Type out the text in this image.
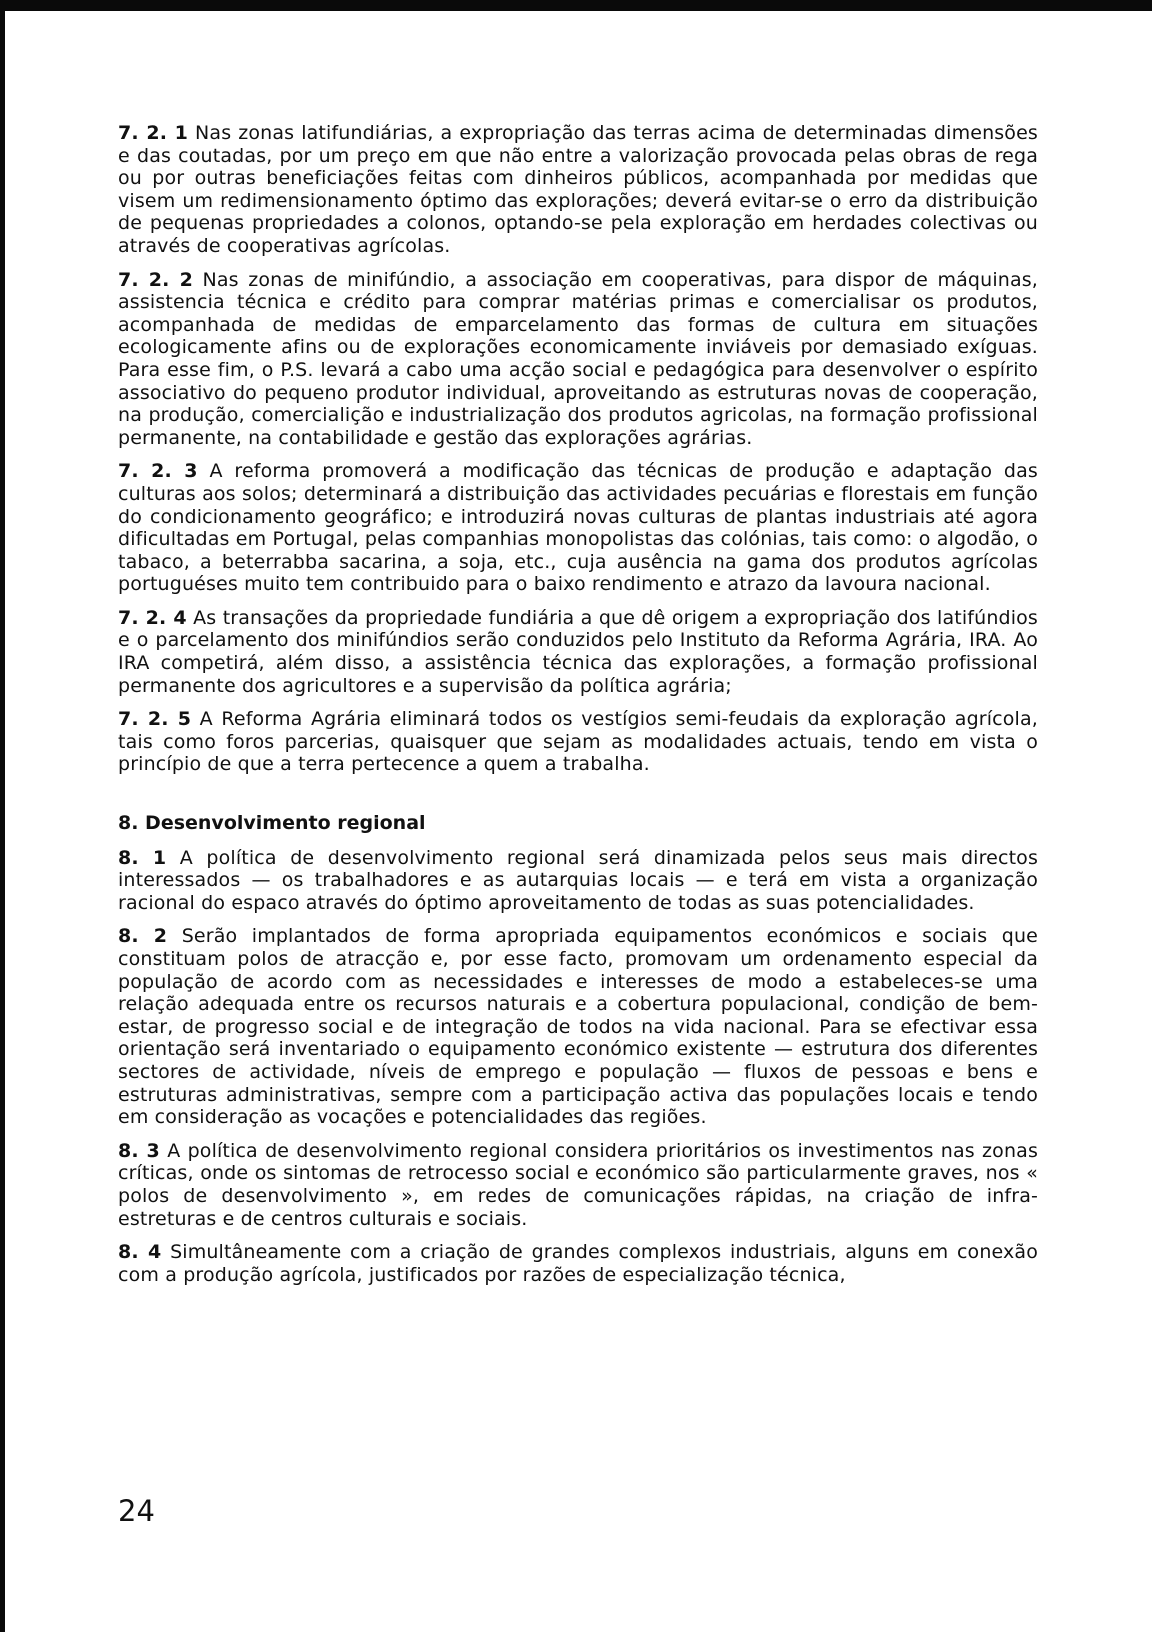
7. 2. 1 Nas zonas latifundiárias, a expropriação das terras acima de determinadas dimensões e das coutadas, por um preço em que não entre a valorização provocada pelas obras de rega ou por outras beneficiações feitas com dinheiros públicos, acompanhada por medidas que visem um redimensionamento óptimo das explorações; deverá evitar-se o erro da distribuição de pequenas propriedades a colonos, optando-se pela exploração em herdades colectivas ou através de cooperativas agrícolas.

7. 2. 2 Nas zonas de minifúndio, a associação em cooperativas, para dispor de máquinas, assistencia técnica e crédito para comprar matérias primas e comercialisar os produtos, acompanhada de medidas de emparcelamento das formas de cultura em situações ecologicamente afins ou de explorações economicamente inviáveis por demasiado exíguas. Para esse fim, o P.S. levará a cabo uma acção social e pedagógica para desenvolver o espírito associativo do pequeno produtor individual, aproveitando as estruturas novas de cooperação, na produção, comercialição e industrialização dos produtos agricolas, na formação profissional permanente, na contabilidade e gestão das explorações agrárias.

7. 2. 3 A reforma promoverá a modificação das técnicas de produção e adaptação das culturas aos solos; determinará a distribuição das actividades pecuárias e florestais em função do condicionamento geográfico; e introduzirá novas culturas de plantas industriais até agora dificultadas em Portugal, pelas companhias monopolistas das colónias, tais como: o algodão, o tabaco, a beterrabba sacarina, a soja, etc., cuja ausência na gama dos produtos agrícolas portuguéses muito tem contribuido para o baixo rendimento e atrazo da lavoura nacional.

7. 2. 4 As transações da propriedade fundiária a que dê origem a expropriação dos latifúndios e o parcelamento dos minifúndios serão conduzidos pelo Instituto da Reforma Agrária, IRA. Ao IRA competirá, além disso, a assistência técnica das explorações, a formação profissional permanente dos agricultores e a supervisão da política agrária;

7. 2. 5 A Reforma Agrária eliminará todos os vestígios semi-feudais da exploração agrícola, tais como foros parcerias, quaisquer que sejam as modalidades actuais, tendo em vista o princípio de que a terra pertecence a quem a trabalha.

8. Desenvolvimento regional

8. 1 A política de desenvolvimento regional será dinamizada pelos seus mais directos interessados — os trabalhadores e as autarquias locais — e terá em vista a organização racional do espaco através do óptimo aproveitamento de todas as suas potencialidades.

8. 2 Serão implantados de forma apropriada equipamentos económicos e sociais que constituam polos de atracção e, por esse facto, promovam um ordenamento especial da população de acordo com as necessidades e interesses de modo a estabeleces-se uma relação adequada entre os recursos naturais e a cobertura populacional, condição de bem-estar, de progresso social e de integração de todos na vida nacional. Para se efectivar essa orientação será inventariado o equipamento económico existente — estrutura dos diferentes sectores de actividade, níveis de emprego e população — fluxos de pessoas e bens e estruturas administrativas, sempre com a participação activa das populações locais e tendo em consideração as vocações e potencialidades das regiões.

8. 3 A política de desenvolvimento regional considera prioritários os investimentos nas zonas críticas, onde os sintomas de retrocesso social e económico são particularmente graves, nos « polos de desenvolvimento », em redes de comunicações rápidas, na criação de infra-estreturas e de centros culturais e sociais.

8. 4 Simultâneamente com a criação de grandes complexos industriais, alguns em conexão com a produção agrícola, justificados por razões de especialização técnica,

24
